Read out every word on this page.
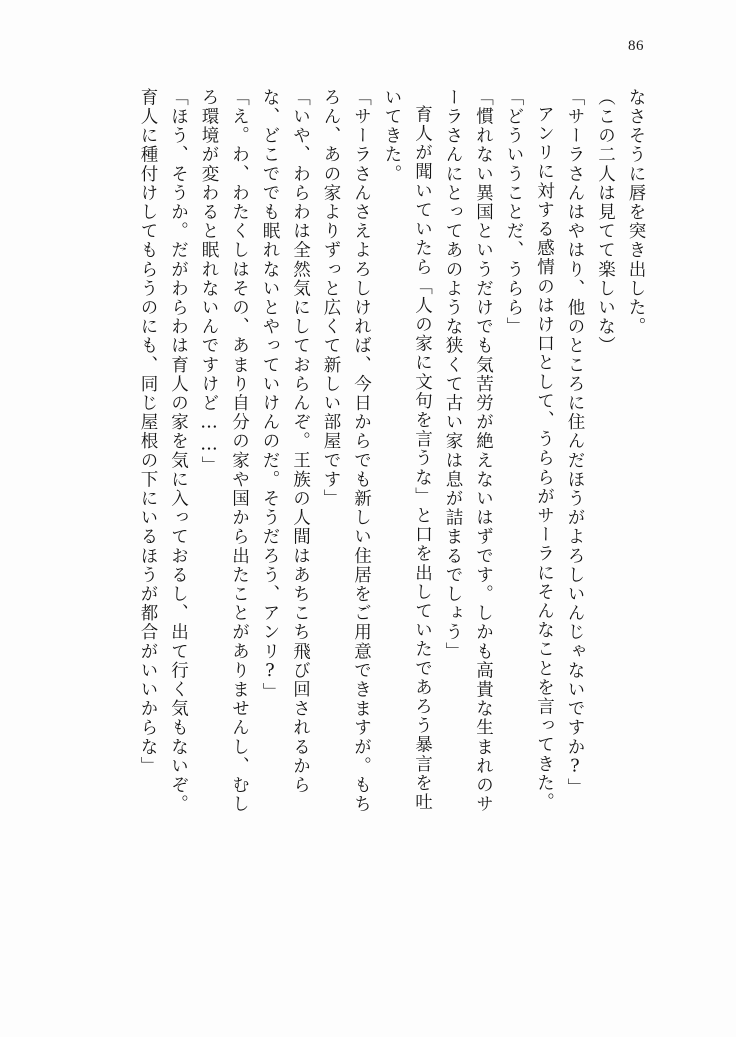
86
なさそうに唇を突き出した。
（この二人は見てて楽しいな）
「サーラさんはやはり、他のところに住んだほうがよろしいんじゃないですか?」
アンリに対する感情のはけ口として、うららがサーラにそんなことを言ってきた。
「どういうことだ、うらら」
「慣れない異国というだけでも気苦労が絶えないはずです。しかも高貴な生まれのサ
ーラさんにとってあのような狭くて古い家は息が詰まるでしょう」
育人が聞いていたら「人の家に文句を言うな」と口を出していたであろう暴言を吐
いてきた。
「サーラさんさえよろしければ、今日からでも新しい住居をご用意できますが。もち
ろん、あの家よりずっと広くて新しい部屋です」
「いや、わらわは全然気にしておらんぞ。王族の人間はあちこち飛び回されるから
な、どこででも眠れないとやっていけんのだ。そうだろう、アンリ?」
「え。わ、わたくしはその、あまり自分の家や国から出たことがありませんし、むし
ろ環境が変わると眠れないんですけど……」
「ほう、そうか。だがわらわは育人の家を気に入っておるし、出て行く気もないぞ。
育人に種付けしてもらうのにも、同じ屋根の下にいるほうが都合がいいからな」
